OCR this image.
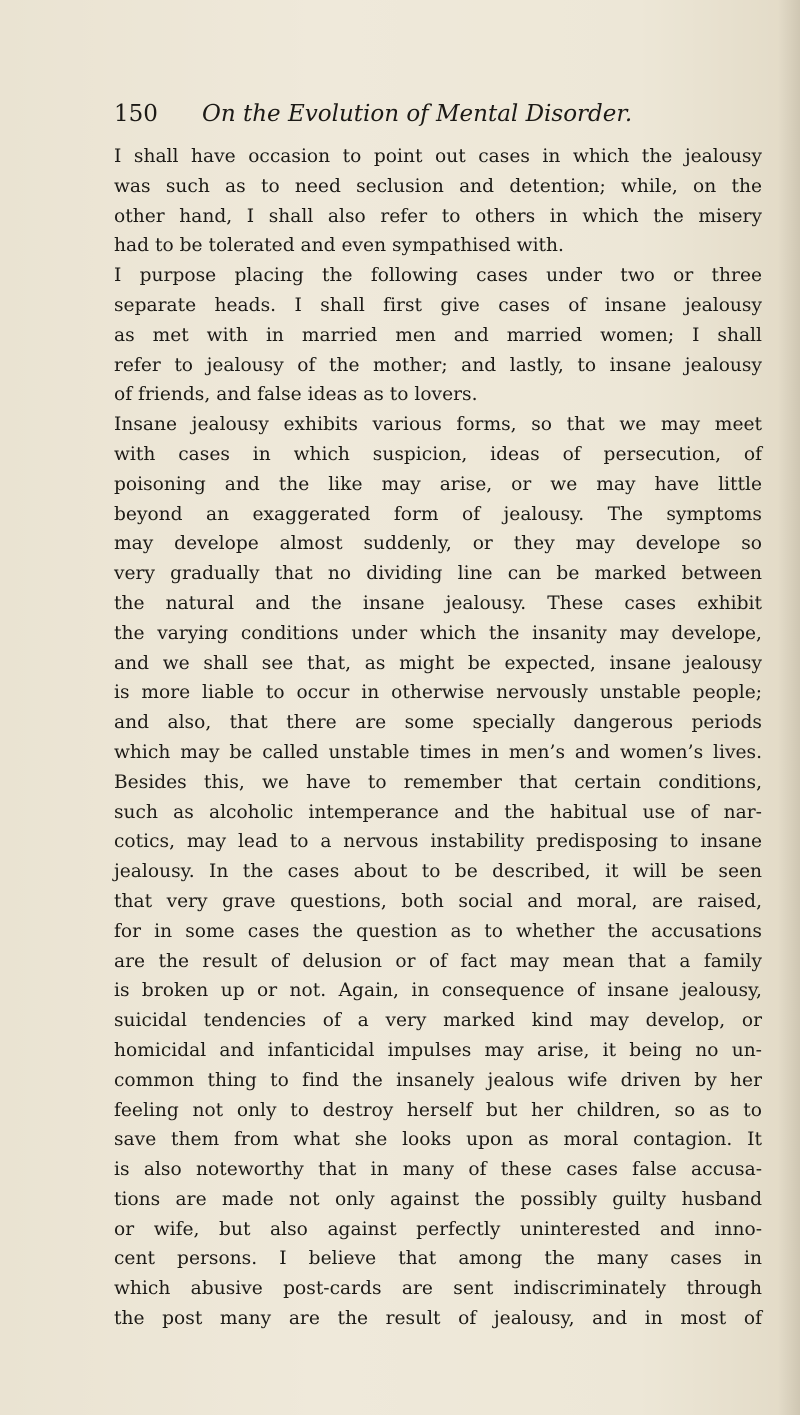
150 On the Evolution of Mental Disorder.
I shall have occasion to point out cases in which the jealousy
was such as to need seclusion and detention; while, on the
other hand, I shall also refer to others in which the misery
had to be tolerated and even sympathised with.
I purpose placing the following cases under two or three
separate heads. I shall first give cases of insane jealousy
as met with in married men and married women; I shall
refer to jealousy of the mother; and lastly, to insane jealousy
of friends, and false ideas as to lovers.
Insane jealousy exhibits various forms, so that we may meet
with cases in which suspicion, ideas of persecution, of
poisoning and the like may arise, or we may have little
beyond an exaggerated form of jealousy. The symptoms
may develope almost suddenly, or they may develope so
very gradually that no dividing line can be marked between
the natural and the insane jealousy. These cases exhibit
the varying conditions under which the insanity may develope,
and we shall see that, as might be expected, insane jealousy
is more liable to occur in otherwise nervously unstable people;
and also, that there are some specially dangerous periods
which may be called unstable times in men’s and women’s lives.
Besides this, we have to remember that certain conditions,
such as alcoholic intemperance and the habitual use of nar-
cotics, may lead to a nervous instability predisposing to insane
jealousy. In the cases about to be described, it will be seen
that very grave questions, both social and moral, are raised,
for in some cases the question as to whether the accusations
are the result of delusion or of fact may mean that a family
is broken up or not. Again, in consequence of insane jealousy,
suicidal tendencies of a very marked kind may develop, or
homicidal and infanticidal impulses may arise, it being no un-
common thing to find the insanely jealous wife driven by her
feeling not only to destroy herself but her children, so as to
save them from what she looks upon as moral contagion. It
is also noteworthy that in many of these cases false accusa-
tions are made not only against the possibly guilty husband
or wife, but also against perfectly uninterested and inno-
cent persons. I believe that among the many cases in
which abusive post-cards are sent indiscriminately through
the post many are the result of jealousy, and in most of
